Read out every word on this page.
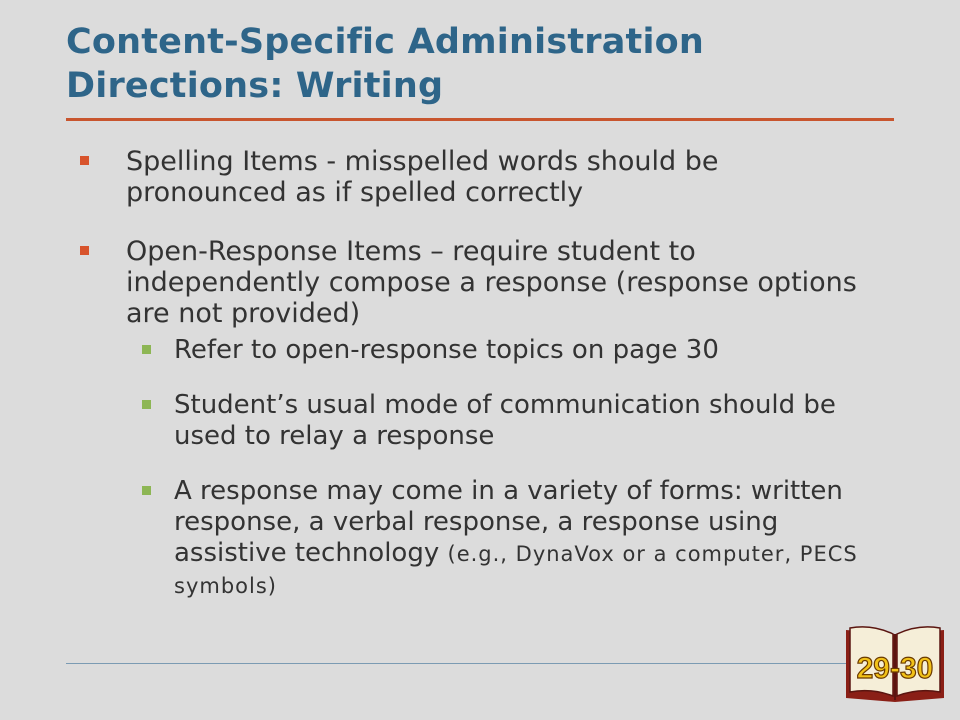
Content-Specific Administration
Directions: Writing
Spelling Items - misspelled words should be pronounced as if spelled correctly
Open-Response Items – require student to independently compose a response (response options are not provided)
Refer to open-response topics on page 30
Student’s usual mode of communication should be used to relay a response
A response may come in a variety of forms: written response, a verbal response, a response using assistive technology (e.g., DynaVox or a computer, PECS symbols)
29-30
